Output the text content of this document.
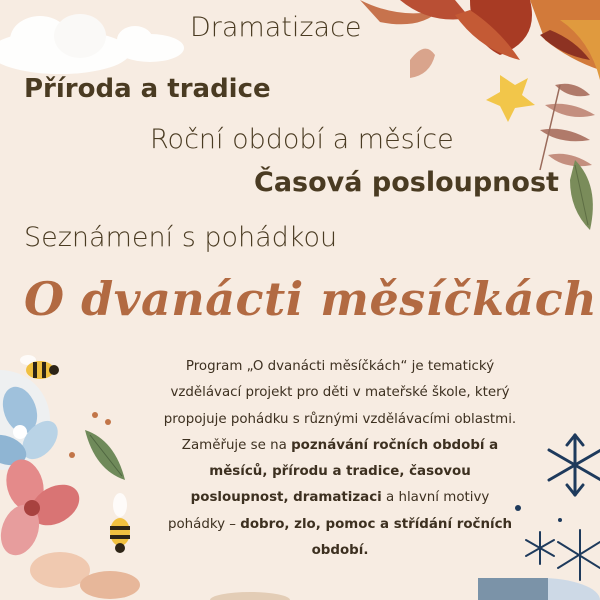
Dramatizace

Příroda a tradice

Roční období a měsíce

Časová posloupnost

Seznámení s pohádkou

O dvanácti měsíčkách

Program „O dvanácti měsíčkách“ je tematický vzdělávací projekt pro děti v mateřské škole, který propojuje pohádku s různými vzdělávacími oblastmi. Zaměřuje se na poznávání ročních období a měsíců, přírodu a tradice, časovou posloupnost, dramatizaci a hlavní motivy pohádky – dobro, zlo, pomoc a střídání ročních období.
